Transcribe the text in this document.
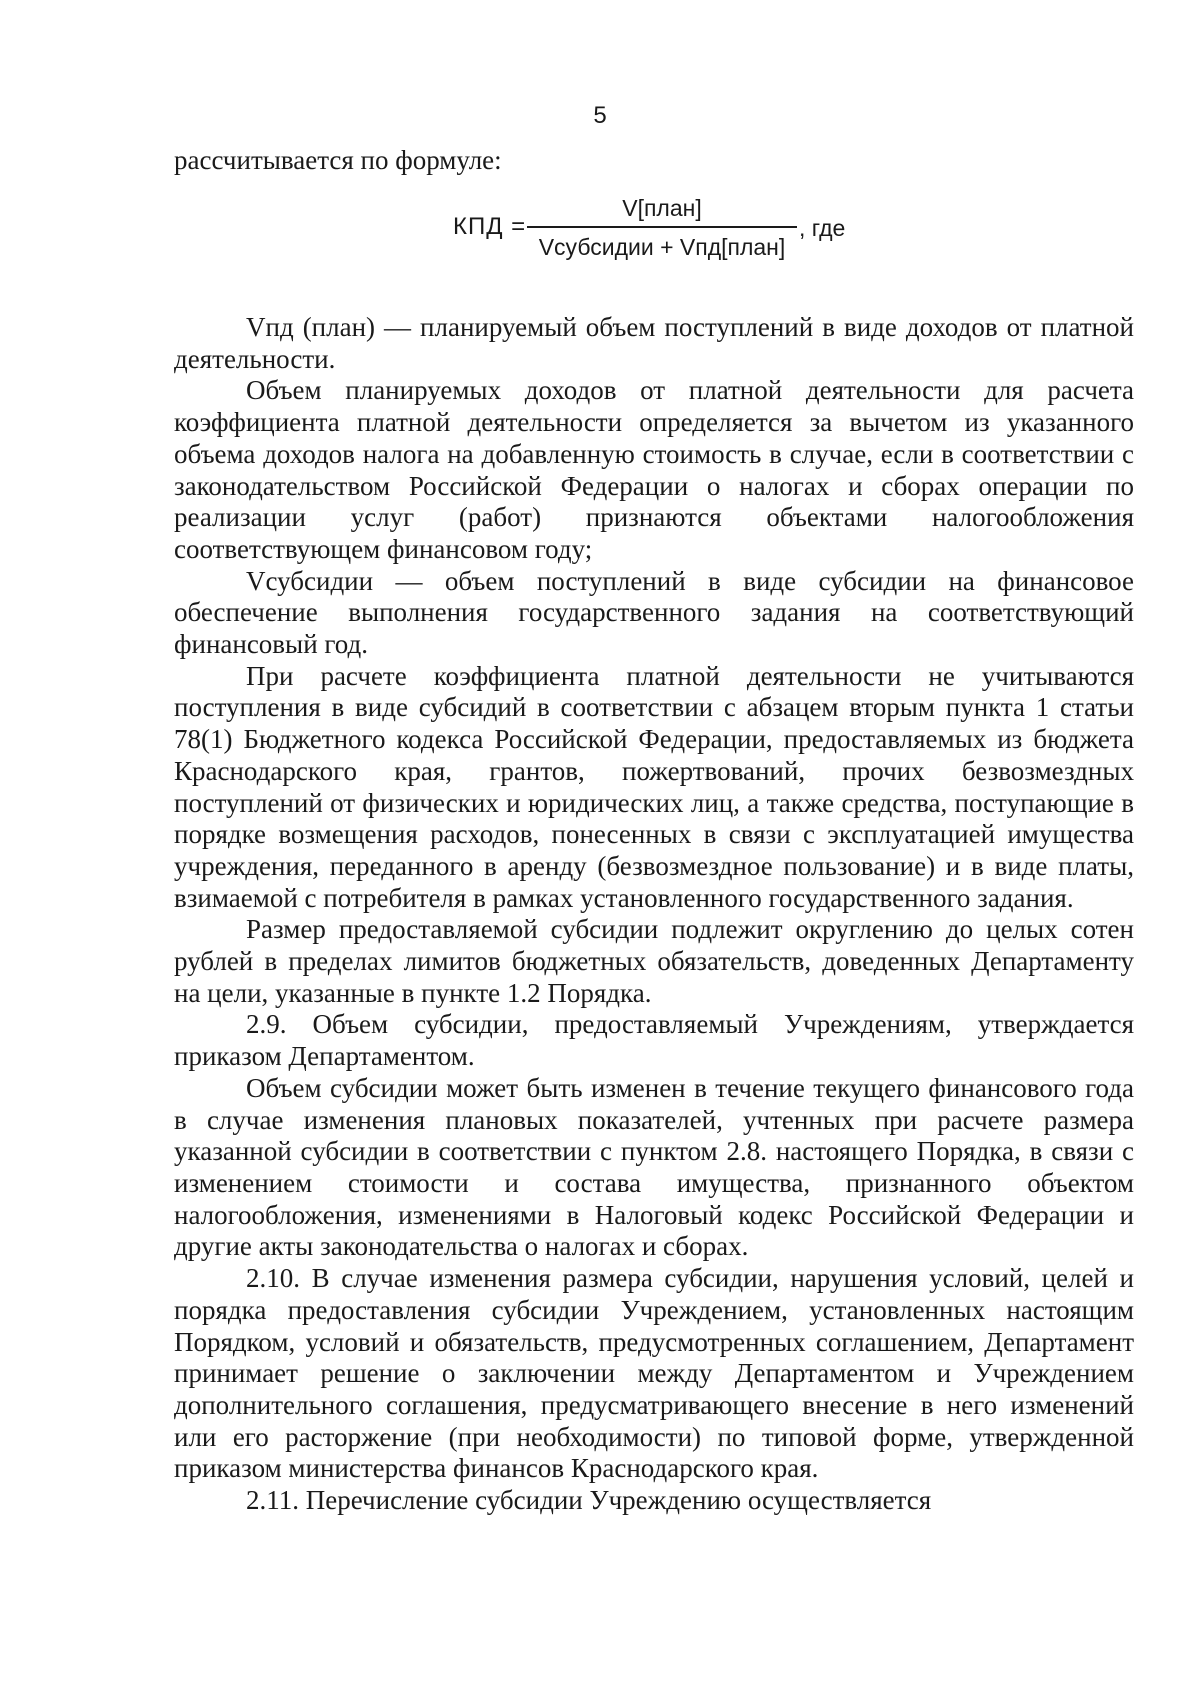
5
рассчитывается по формуле:
КПД =
V[план]
Vсубсидии + Vпд[план]
, где

Vпд (план) — планируемый объем поступлений в виде доходов от платной деятельности.

Объем планируемых доходов от платной деятельности для расчета коэффициента платной деятельности определяется за вычетом из указанного объема доходов налога на добавленную стоимость в случае, если в соответствии с законодательством Российской Федерации о налогах и сборах операции по реализации услуг (работ) признаются объектами налогообложения соответствующем финансовом году;

Vсубсидии — объем поступлений в виде субсидии на финансовое обеспечение выполнения государственного задания на соответствующий финансовый год.

При расчете коэффициента платной деятельности не учитываются поступления в виде субсидий в соответствии с абзацем вторым пункта 1 статьи 78(1) Бюджетного кодекса Российской Федерации, предоставляемых из бюджета Краснодарского края, грантов, пожертвований, прочих безвозмездных поступлений от физических и юридических лиц, а также средства, поступающие в порядке возмещения расходов, понесенных в связи с эксплуатацией имущества учреждения, переданного в аренду (безвозмездное пользование) и в виде платы, взимаемой с потребителя в рамках установленного государственного задания.

Размер предоставляемой субсидии подлежит округлению до целых сотен рублей в пределах лимитов бюджетных обязательств, доведенных Департаменту на цели, указанные в пункте 1.2 Порядка.

2.9. Объем субсидии, предоставляемый Учреждениям, утверждается приказом Департаментом.

Объем субсидии может быть изменен в течение текущего финансового года в случае изменения плановых показателей, учтенных при расчете размера указанной субсидии в соответствии с пунктом 2.8. настоящего Порядка, в связи с изменением стоимости и состава имущества, признанного объектом налогообложения, изменениями в Налоговый кодекс Российской Федерации и другие акты законодательства о налогах и сборах.

2.10. В случае изменения размера субсидии, нарушения условий, целей и порядка предоставления субсидии Учреждением, установленных настоящим Порядком, условий и обязательств, предусмотренных соглашением, Департамент принимает решение о заключении между Департаментом и Учреждением дополнительного соглашения, предусматривающего внесение в него изменений или его расторжение (при необходимости) по типовой форме, утвержденной приказом министерства финансов Краснодарского края.

2.11. Перечисление субсидии Учреждению осуществляется
